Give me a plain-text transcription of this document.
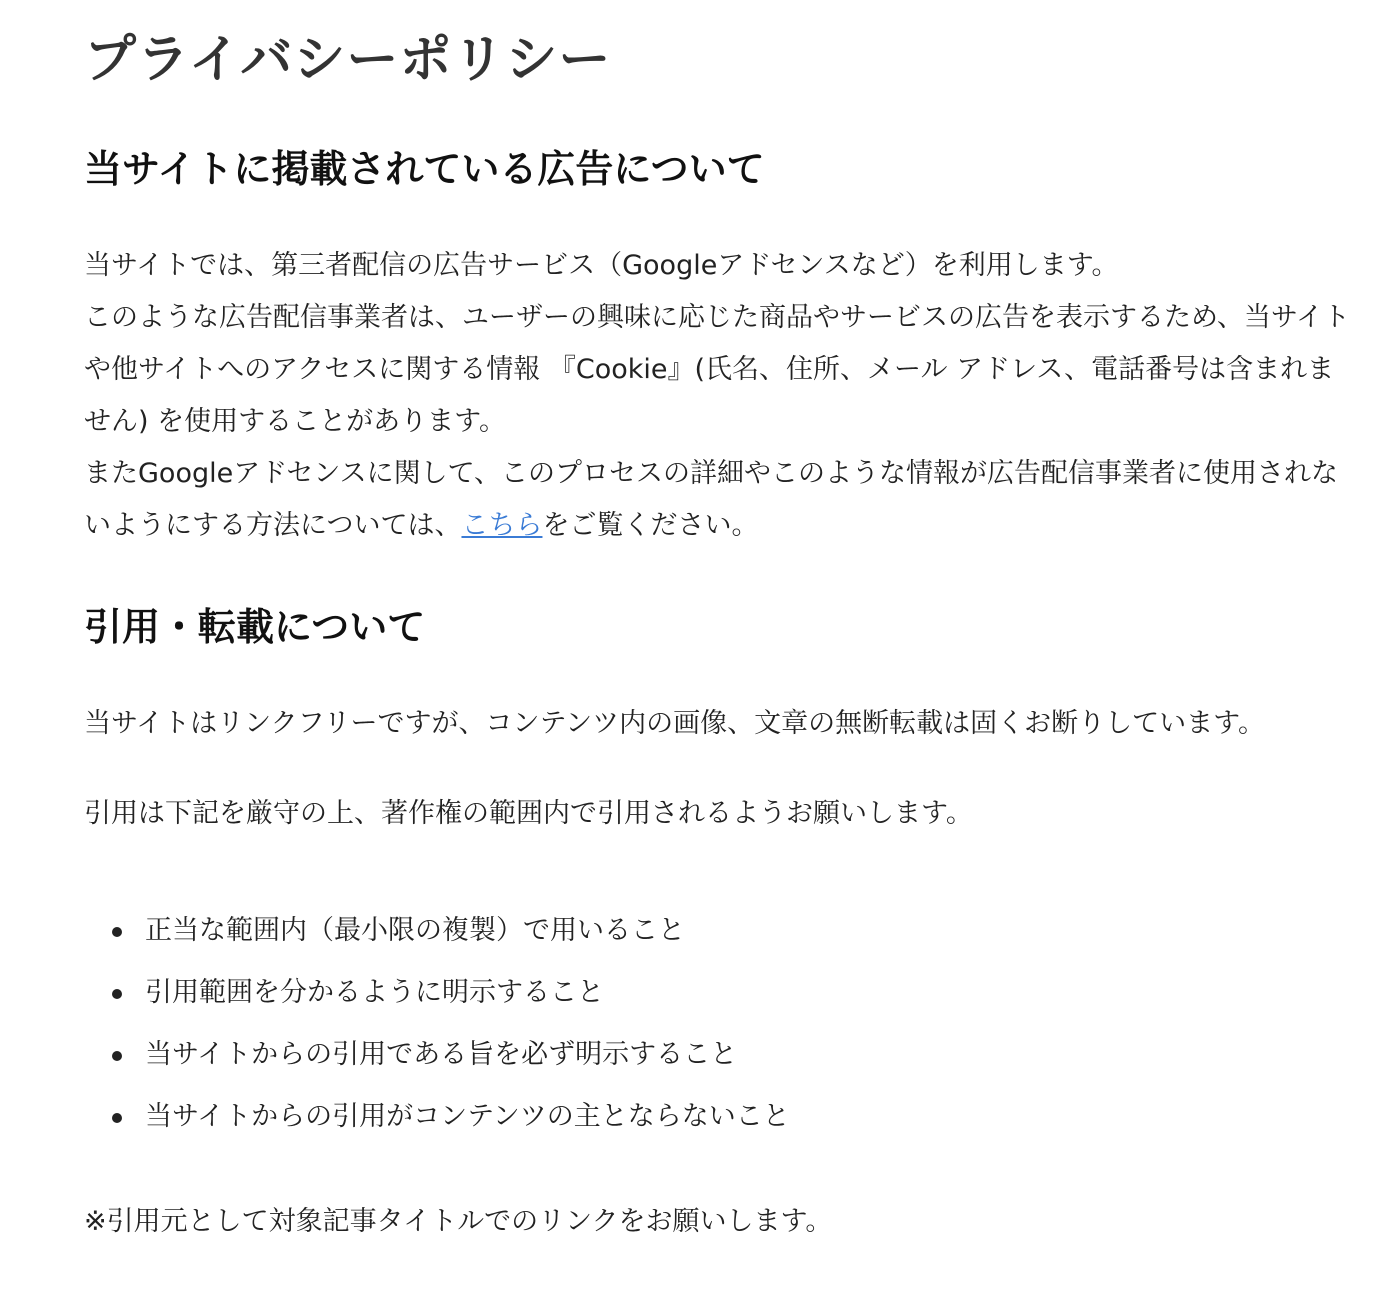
プライバシーポリシー
当サイトに掲載されている広告について

当サイトでは、第三者配信の広告サービス（Googleアドセンスなど）を利用します。
このような広告配信事業者は、ユーザーの興味に応じた商品やサービスの広告を表示するため、当サイトや他サイトへのアクセスに関する情報 『Cookie』(氏名、住所、メール アドレス、電話番号は含まれません) を使用することがあります。
またGoogleアドセンスに関して、このプロセスの詳細やこのような情報が広告配信事業者に使用されないようにする方法については、こちらをご覧ください。

引用・転載について

当サイトはリンクフリーですが、コンテンツ内の画像、文章の無断転載は固くお断りしています。

引用は下記を厳守の上、著作権の範囲内で引用されるようお願いします。

正当な範囲内（最小限の複製）で用いること
引用範囲を分かるように明示すること
当サイトからの引用である旨を必ず明示すること
当サイトからの引用がコンテンツの主とならないこと

※引用元として対象記事タイトルでのリンクをお願いします。
